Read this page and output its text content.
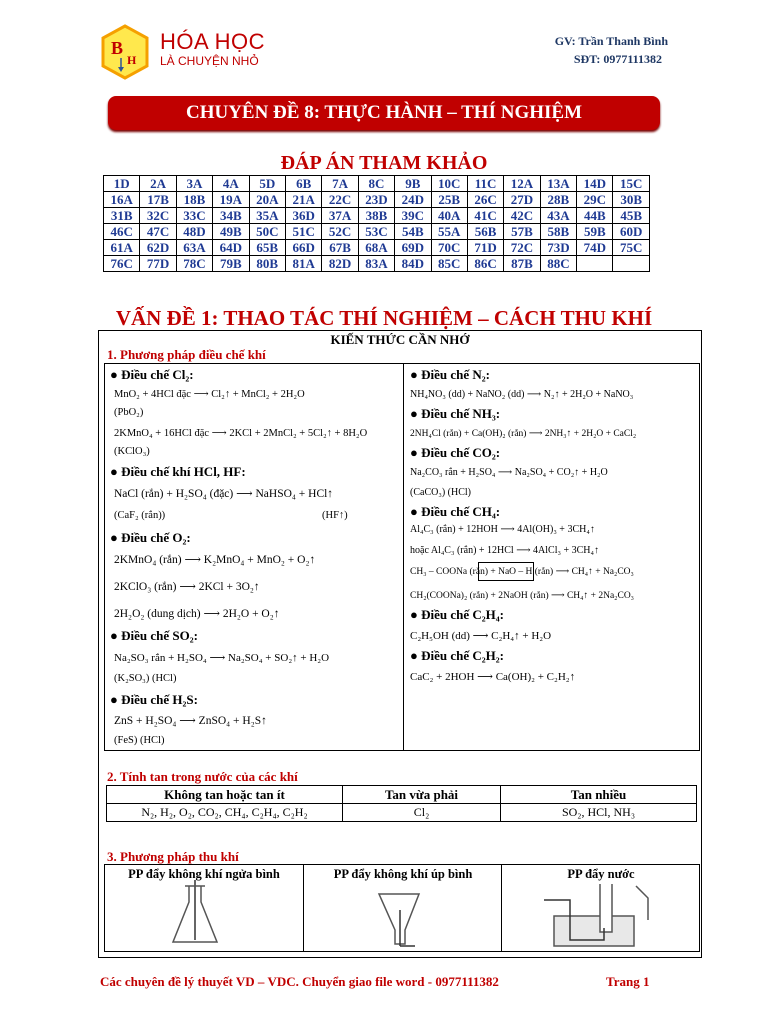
B
H
HÓA HỌC
LÀ CHUYỆN NHỎ
GV: Trần Thanh Bình
SĐT: 0977111382
CHUYÊN ĐỀ 8: THỰC HÀNH – THÍ NGHIỆM
ĐÁP ÁN THAM KHẢO
1D	2A	3A	4A	5D	6B	7A	8C	9B	10C	11C	12A	13A	14D	15C
16A	17B	18B	19A	20A	21A	22C	23D	24D	25B	26C	27D	28B	29C	30B
31B	32C	33C	34B	35A	36D	37A	38B	39C	40A	41C	42C	43A	44B	45B
46C	47C	48D	49B	50C	51C	52C	53C	54B	55A	56B	57B	58B	59B	60D
61A	62D	63A	64D	65B	66D	67B	68A	69D	70C	71D	72C	73D	74D	75C
76C	77D	78C	79B	80B	81A	82D	83A	84D	85C	86C	87B	88C		
VẤN ĐỀ 1: THAO TÁC THÍ NGHIỆM – CÁCH THU KHÍ
KIẾN THỨC CẦN NHỚ
1. Phương pháp điều chế khí
● Điều chế Cl₂:
MnO₂ + 4HCl đặc ⟶ Cl₂↑ + MnCl₂ + 2H₂O
(PbO₂)
2KMnO₄ + 16HCl đặc ⟶ 2KCl + 2MnCl₂ + 5Cl₂↑ + 8H₂O
(KClO₃)
● Điều chế khí HCl, HF:
NaCl (rắn) + H₂SO₄ (đặc) ⟶ NaHSO₄ + HCl↑
(CaF₂ (rắn))	(HF↑)
● Điều chế O₂:
2KMnO₄ (rắn) ⟶ K₂MnO₄ + MnO₂ + O₂↑
2KClO₃ (rắn) ⟶ 2KCl + 3O₂↑
2H₂O₂ (dung dịch) ⟶ 2H₂O + O₂↑
● Điều chế SO₂:
Na₂SO₃ rắn + H₂SO₄ ⟶ Na₂SO₄ + SO₂↑ + H₂O
(K₂SO₃) (HCl)
● Điều chế H₂S:
ZnS + H₂SO₄ ⟶ ZnSO₄ + H₂S↑
(FeS) (HCl)
● Điều chế N₂:
NH₄NO₃ (dd) + NaNO₂ (dd) ⟶ N₂↑ + 2H₂O + NaNO₃
● Điều chế NH₃:
2NH₄Cl (rắn) + Ca(OH)₂ (rắn) ⟶ 2NH₃↑ + 2H₂O + CaCl₂
● Điều chế CO₂:
Na₂CO₃ rắn + H₂SO₄ ⟶ Na₂SO₄ + CO₂↑ + H₂O
(CaCO₃) (HCl)
● Điều chế CH₄:
Al₄C₃ (rắn) + 12HOH ⟶ 4Al(OH)₃ + 3CH₄↑
hoặc Al₄C₃ (rắn) + 12HCl ⟶ 4AlCl₃ + 3CH₄↑
CH₃ – COONa (rắn) + NaO – H (rắn) ⟶ CH₄↑ + Na₂CO₃
CH₂(COONa)₂ (rắn) + 2NaOH (rắn) ⟶ CH₄↑ + 2Na₂CO₃
● Điều chế C₂H₄:
C₂H₅OH (dd) ⟶ C₂H₄↑ + H₂O
● Điều chế C₂H₂:
CaC₂ + 2HOH ⟶ Ca(OH)₂ + C₂H₂↑
2. Tính tan trong nước của các khí
Không tan hoặc tan ít	Tan vừa phải	Tan nhiều
N₂, H₂, O₂, CO₂, CH₄, C₂H₄, C₂H₂	Cl₂	SO₂, HCl, NH₃
3. Phương pháp thu khí
PP đẩy không khí ngửa bình	PP đẩy không khí úp bình	PP đẩy nước
Các chuyên đề lý thuyết VD – VDC. Chuyển giao file word - 0977111382	Trang 1
